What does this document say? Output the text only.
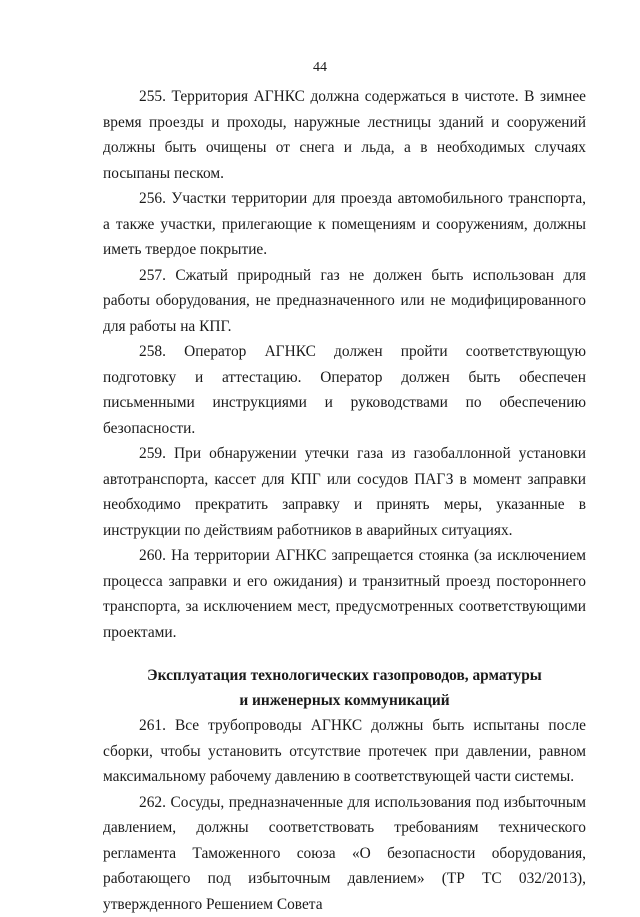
44

255. Территория АГНКС должна содержаться в чистоте. В зимнее время проезды и проходы, наружные лестницы зданий и сооружений должны быть очищены от снега и льда, а в необходимых случаях посыпаны песком.

256. Участки территории для проезда автомобильного транспорта, а также участки, прилегающие к помещениям и сооружениям, должны иметь твердое покрытие.

257. Сжатый природный газ не должен быть использован для работы оборудования, не предназначенного или не модифицированного для работы на КПГ.

258. Оператор АГНКС должен пройти соответствующую подготовку и аттестацию. Оператор должен быть обеспечен письменными инструкциями и руководствами по обеспечению безопасности.

259. При обнаружении утечки газа из газобаллонной установки автотранспорта, кассет для КПГ или сосудов ПАГЗ в момент заправки необходимо прекратить заправку и принять меры, указанные в инструкции по действиям работников в аварийных ситуациях.

260. На территории АГНКС запрещается стоянка (за исключением процесса заправки и его ожидания) и транзитный проезд постороннего транспорта, за исключением мест, предусмотренных соответствующими проектами.

Эксплуатация технологических газопроводов, арматуры
и инженерных коммуникаций

261. Все трубопроводы АГНКС должны быть испытаны после сборки, чтобы установить отсутствие протечек при давлении, равном максимальному рабочему давлению в соответствующей части системы.

262. Сосуды, предназначенные для использования под избыточным давлением, должны соответствовать требованиям технического регламента Таможенного союза «О безопасности оборудования, работающего под избыточным давлением» (ТР ТС 032/2013), утвержденного Решением Совета
